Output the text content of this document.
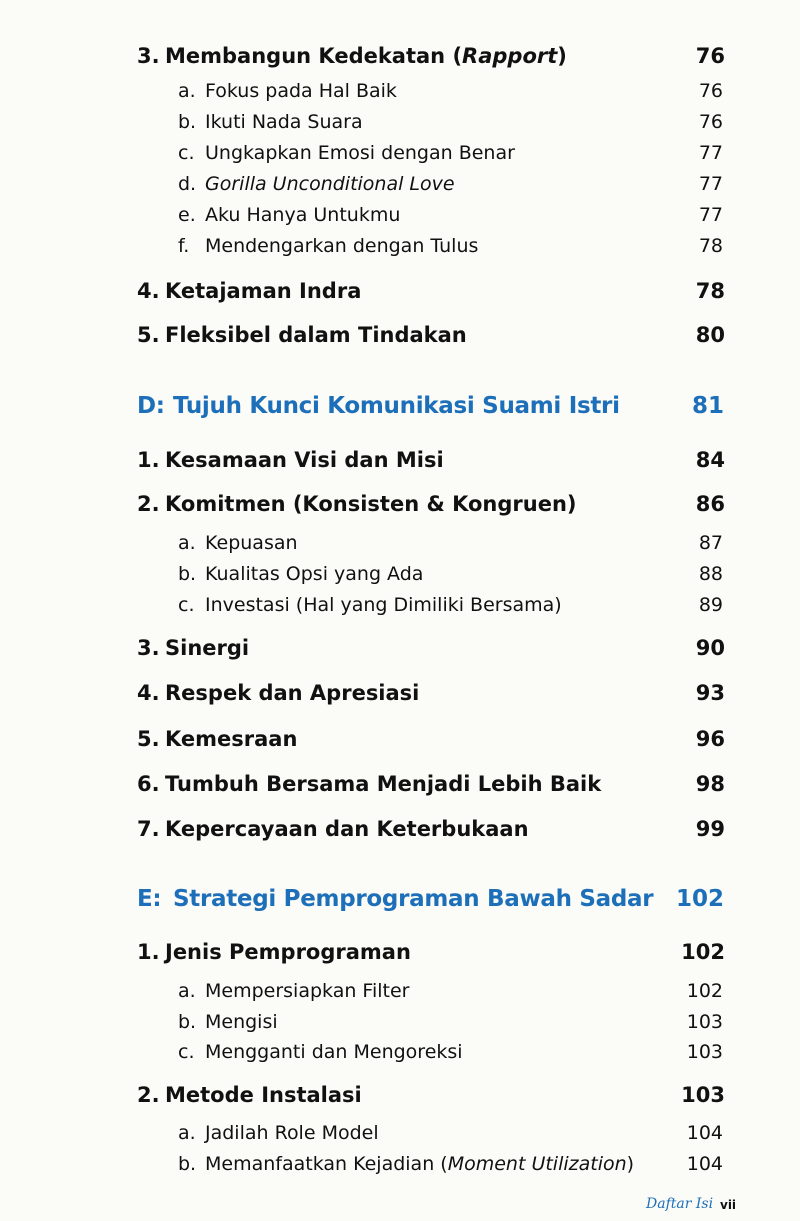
3. Membangun Kedekatan (Rapport)	76
a. Fokus pada Hal Baik	76
b. Ikuti Nada Suara	76
c. Ungkapkan Emosi dengan Benar	77
d. Gorilla Unconditional Love	77
e. Aku Hanya Untukmu	77
f. Mendengarkan dengan Tulus	78
4. Ketajaman Indra	78
5. Fleksibel dalam Tindakan	80
D: Tujuh Kunci Komunikasi Suami Istri	81
1. Kesamaan Visi dan Misi	84
2. Komitmen (Konsisten & Kongruen)	86
a. Kepuasan	87
b. Kualitas Opsi yang Ada	88
c. Investasi (Hal yang Dimiliki Bersama)	89
3. Sinergi	90
4. Respek dan Apresiasi	93
5. Kemesraan	96
6. Tumbuh Bersama Menjadi Lebih Baik	98
7. Kepercayaan dan Keterbukaan	99
E: Strategi Pemprograman Bawah Sadar 102
1. Jenis Pemprograman	102
a. Mempersiapkan Filter	102
b. Mengisi	103
c. Mengganti dan Mengoreksi	103
2. Metode Instalasi	103
a. Jadilah Role Model	104
b. Memanfaatkan Kejadian (Moment Utilization)	104
Daftar Isi vii
